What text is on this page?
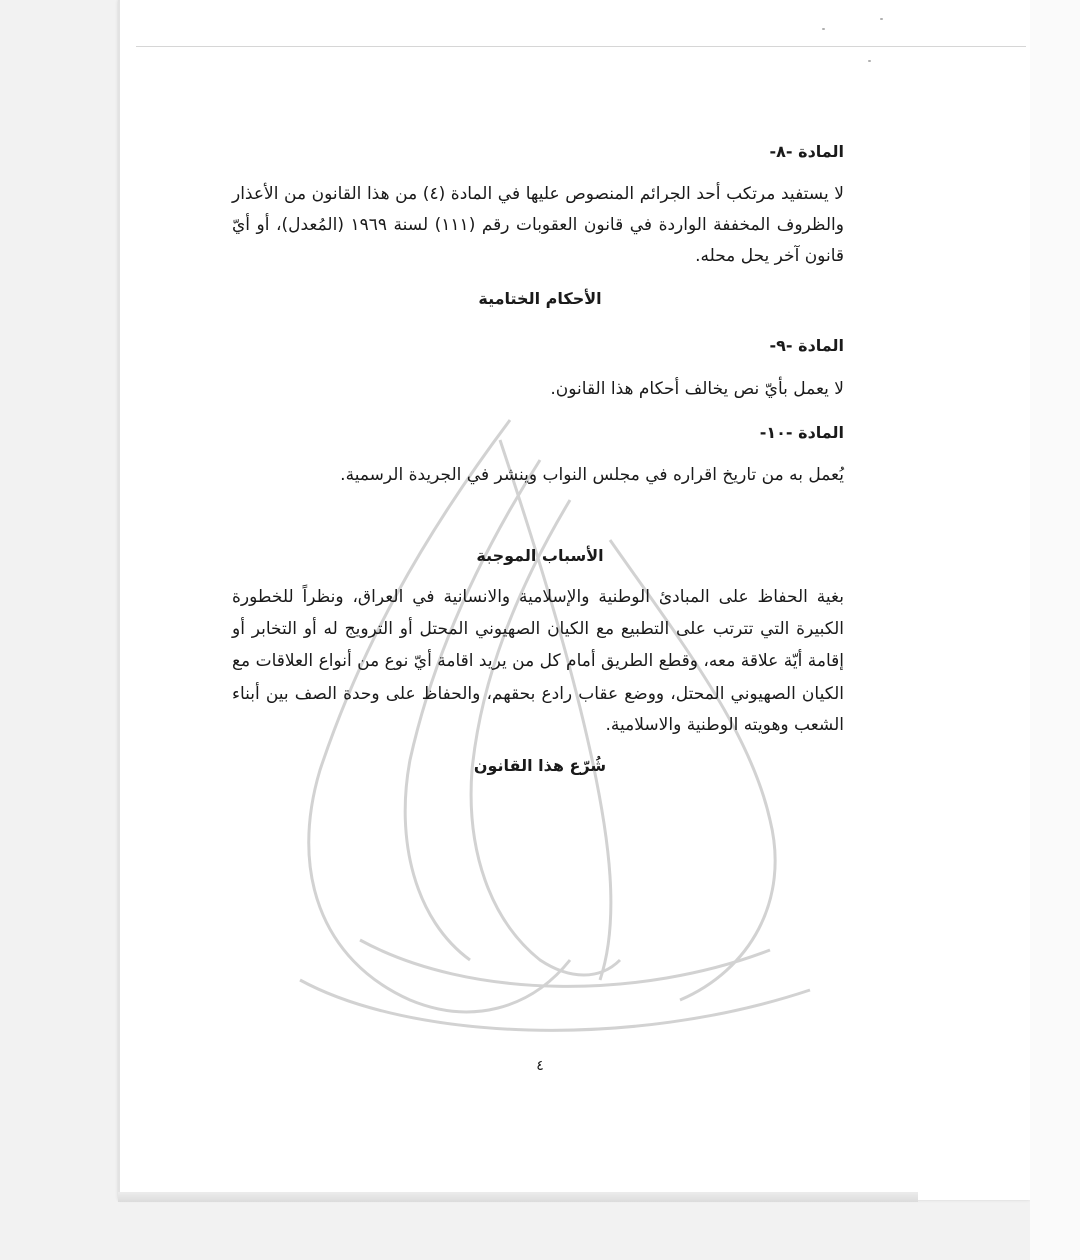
المادة -٨-
لا يستفيد مرتكب أحد الجرائم المنصوص عليها في المادة (٤) من هذا القانون من الأعذار
والظروف المخففة الواردة في قانون العقوبات رقم (١١١) لسنة ١٩٦٩ (المُعدل)، أو أيّ
قانون آخر يحل محله.
الأحكام الختامية
المادة -٩-
لا يعمل بأيّ نص يخالف أحكام هذا القانون.
المادة -١٠-
يُعمل به من تاريخ اقراره في مجلس النواب وينشر في الجريدة الرسمية.
الأسباب الموجبة
بغية الحفاظ على المبادئ الوطنية والإسلامية والانسانية في العراق، ونظراً للخطورة
الكبيرة التي تترتب على التطبيع مع الكيان الصهيوني المحتل أو الترويج له أو التخابر أو
إقامة أيّة علاقة معه، وقطع الطريق أمام كل من يريد اقامة أيّ نوع من أنواع العلاقات مع
الكيان الصهيوني المحتل، ووضع عقاب رادع بحقهم، والحفاظ على وحدة الصف بين أبناء
الشعب وهويته الوطنية والاسلامية.
شُرّع هذا القانون
٤
